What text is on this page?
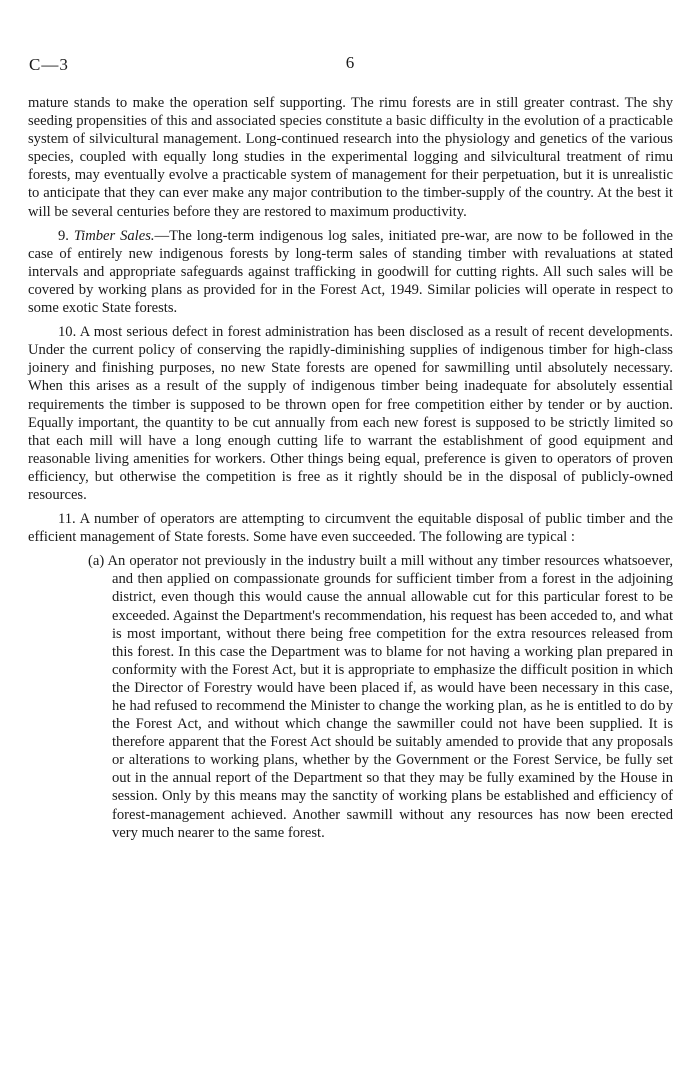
C—3	6

mature stands to make the operation self supporting. The rimu forests are in still greater contrast. The shy seeding propensities of this and associated species constitute a basic difficulty in the evolution of a practicable system of silvicultural management. Long-continued research into the physiology and genetics of the various species, coupled with equally long studies in the experimental logging and silvicultural treatment of rimu forests, may eventually evolve a practicable system of management for their perpetuation, but it is unrealistic to anticipate that they can ever make any major contribution to the timber-supply of the country. At the best it will be several centuries before they are restored to maximum productivity.

9. Timber Sales.—The long-term indigenous log sales, initiated pre-war, are now to be followed in the case of entirely new indigenous forests by long-term sales of standing timber with revaluations at stated intervals and appropriate safeguards against trafficking in goodwill for cutting rights. All such sales will be covered by working plans as provided for in the Forest Act, 1949. Similar policies will operate in respect to some exotic State forests.

10. A most serious defect in forest administration has been disclosed as a result of recent developments. Under the current policy of conserving the rapidly-diminishing supplies of indigenous timber for high-class joinery and finishing purposes, no new State forests are opened for sawmilling until absolutely necessary. When this arises as a result of the supply of indigenous timber being inadequate for absolutely essential requirements the timber is supposed to be thrown open for free competition either by tender or by auction. Equally important, the quantity to be cut annually from each new forest is supposed to be strictly limited so that each mill will have a long enough cutting life to warrant the establishment of good equipment and reasonable living amenities for workers. Other things being equal, preference is given to operators of proven efficiency, but otherwise the competition is free as it rightly should be in the disposal of publicly-owned resources.

11. A number of operators are attempting to circumvent the equitable disposal of public timber and the efficient management of State forests. Some have even succeeded. The following are typical :

(a) An operator not previously in the industry built a mill without any timber resources whatsoever, and then applied on compassionate grounds for sufficient timber from a forest in the adjoining district, even though this would cause the annual allowable cut for this particular forest to be exceeded. Against the Department's recommendation, his request has been acceded to, and what is most important, without there being free competition for the extra resources released from this forest. In this case the Department was to blame for not having a working plan prepared in conformity with the Forest Act, but it is appropriate to emphasize the difficult position in which the Director of Forestry would have been placed if, as would have been necessary in this case, he had refused to recommend the Minister to change the working plan, as he is entitled to do by the Forest Act, and without which change the sawmiller could not have been supplied. It is therefore apparent that the Forest Act should be suitably amended to provide that any proposals or alterations to working plans, whether by the Government or the Forest Service, be fully set out in the annual report of the Department so that they may be fully examined by the House in session. Only by this means may the sanctity of working plans be established and efficiency of forest-management achieved. Another sawmill without any resources has now been erected very much nearer to the same forest.
